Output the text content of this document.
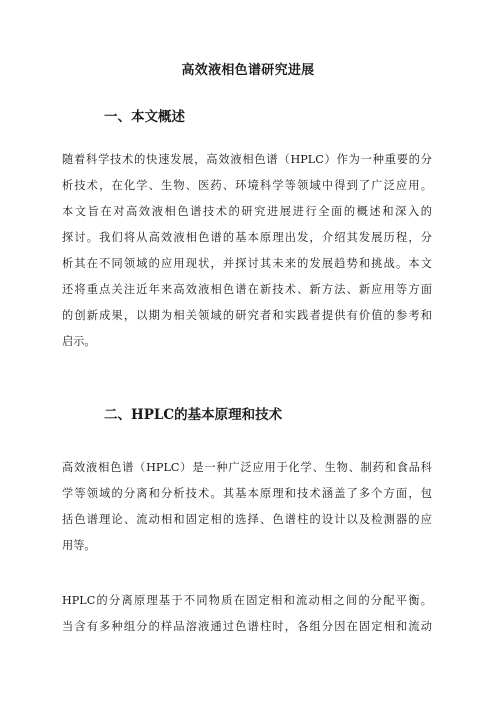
高效液相色谱研究进展
一、本文概述
随着科学技术的快速发展，高效液相色谱（HPLC）作为一种重要的分
析技术，在化学、生物、医药、环境科学等领域中得到了广泛应用。
本文旨在对高效液相色谱技术的研究进展进行全面的概述和深入的
探讨。我们将从高效液相色谱的基本原理出发，介绍其发展历程，分
析其在不同领域的应用现状，并探讨其未来的发展趋势和挑战。本文
还将重点关注近年来高效液相色谱在新技术、新方法、新应用等方面
的创新成果，以期为相关领域的研究者和实践者提供有价值的参考和
启示。
二、HPLC的基本原理和技术
高效液相色谱（HPLC）是一种广泛应用于化学、生物、制药和食品科
学等领域的分离和分析技术。其基本原理和技术涵盖了多个方面，包
括色谱理论、流动相和固定相的选择、色谱柱的设计以及检测器的应
用等。
HPLC的分离原理基于不同物质在固定相和流动相之间的分配平衡。
当含有多种组分的样品溶液通过色谱柱时，各组分因在固定相和流动
